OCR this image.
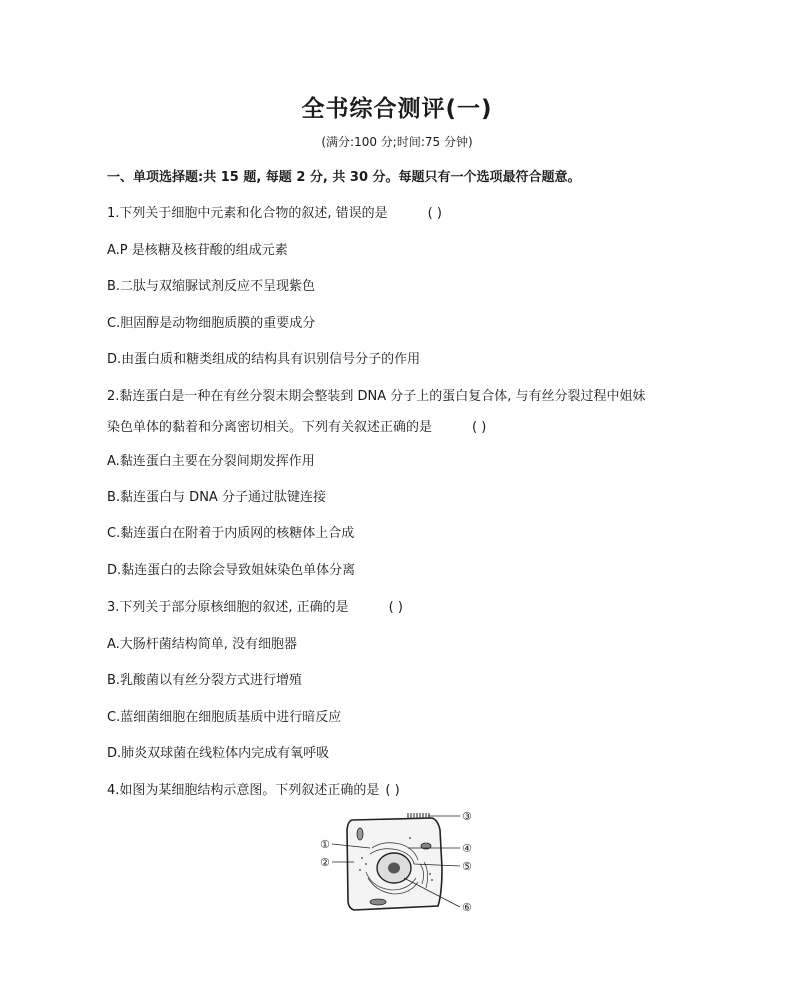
全书综合测评(一)
(满分:100 分;时间:75 分钟)
一、单项选择题:共 15 题, 每题 2 分, 共 30 分。每题只有一个选项最符合题意。
1.下列关于细胞中元素和化合物的叙述, 错误的是	( )
A.P 是核糖及核苷酸的组成元素
B.二肽与双缩脲试剂反应不呈现紫色
C.胆固醇是动物细胞质膜的重要成分
D.由蛋白质和糖类组成的结构具有识别信号分子的作用
2.黏连蛋白是一种在有丝分裂末期会整装到 DNA 分子上的蛋白复合体, 与有丝分裂过程中姐妹
染色单体的黏着和分离密切相关。下列有关叙述正确的是	( )
A.黏连蛋白主要在分裂间期发挥作用
B.黏连蛋白与 DNA 分子通过肽键连接
C.黏连蛋白在附着于内质网的核糖体上合成
D.黏连蛋白的去除会导致姐妹染色单体分离
3.下列关于部分原核细胞的叙述, 正确的是	( )
A.大肠杆菌结构简单, 没有细胞器
B.乳酸菌以有丝分裂方式进行增殖
C.蓝细菌细胞在细胞质基质中进行暗反应
D.肺炎双球菌在线粒体内完成有氧呼吸
4.如图为某细胞结构示意图。下列叙述正确的是 ( )
①
②
③
④
⑤
⑥
